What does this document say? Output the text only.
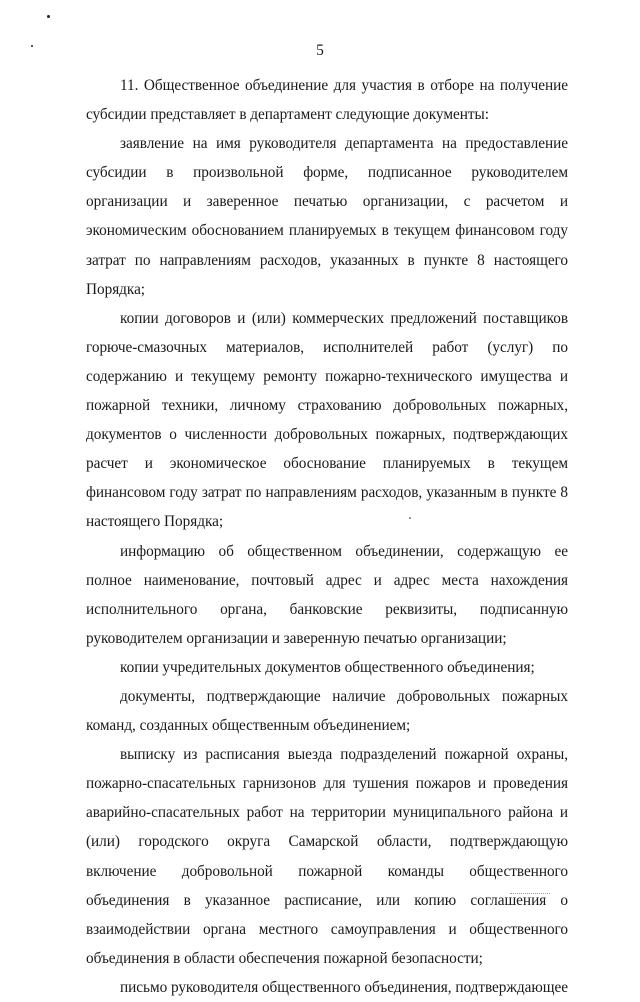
5

11. Общественное объединение для участия в отборе на получение субсидии представляет в департамент следующие документы:

заявление на имя руководителя департамента на предоставление субсидии в произвольной форме, подписанное руководителем организации и заверенное печатью организации, с расчетом и экономическим обоснованием планируемых в текущем финансовом году затрат по направлениям расходов, указанных в пункте 8 настоящего Порядка;

копии договоров и (или) коммерческих предложений поставщиков горюче-смазочных материалов, исполнителей работ (услуг) по содержанию и текущему ремонту пожарно-технического имущества и пожарной техники, личному страхованию добровольных пожарных, документов о численности добровольных пожарных, подтверждающих расчет и экономическое обоснование планируемых в текущем финансовом году затрат по направлениям расходов, указанным в пункте 8 настоящего Порядка;

информацию об общественном объединении, содержащую ее полное наименование, почтовый адрес и адрес места нахождения исполнительного органа, банковские реквизиты, подписанную руководителем организации и заверенную печатью организации;

копии учредительных документов общественного объединения;

документы, подтверждающие наличие добровольных пожарных команд, созданных общественным объединением;

выписку из расписания выезда подразделений пожарной охраны, пожарно-спасательных гарнизонов для тушения пожаров и проведения аварийно-спасательных работ на территории муниципального района и (или) городского округа Самарской области, подтверждающую включение добровольной пожарной команды общественного объединения в указанное расписание, или копию соглашения о взаимодействии органа местного самоуправления и общественного объединения в области обеспечения пожарной безопасности;

письмо руководителя общественного объединения, подтверждающее
